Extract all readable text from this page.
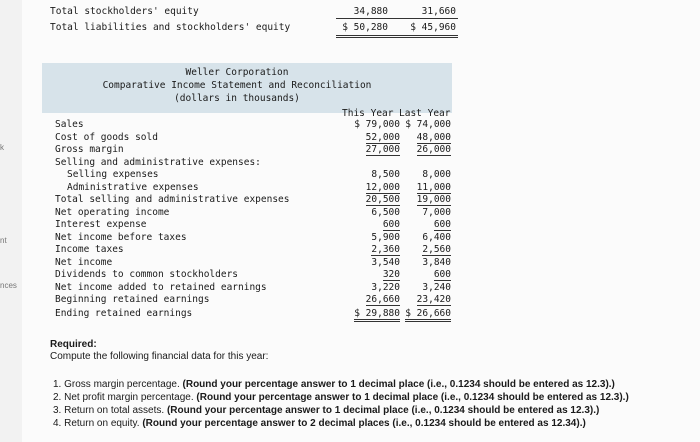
k
nt
nces
Total stockholders' equity	34,880	31,660
Total liabilities and stockholders' equity	$ 50,280 $ 45,960
Weller Corporation
Comparative Income Statement and Reconciliation
(dollars in thousands)
This Year Last Year
Sales	$ 79,000 $ 74,000
Cost of goods sold	52,000 48,000
Gross margin	27,000 26,000
Selling and administrative expenses:
Selling expenses	8,500 8,000
Administrative expenses	12,000 11,000
Total selling and administrative expenses	20,500 19,000
Net operating income	6,500 7,000
Interest expense	600	600
Net income before taxes	5,900 6,400
Income taxes	2,360 2,560
Net income	3,540 3,840
Dividends to common stockholders	320	600
Net income added to retained earnings	3,220 3,240
Beginning retained earnings	26,660 23,420
Ending retained earnings	$ 29,880 $ 26,660
Required:
Compute the following financial data for this year:
1. Gross margin percentage. (Round your percentage answer to 1 decimal place (i.e., 0.1234 should be entered as 12.3).)
2. Net profit margin percentage. (Round your percentage answer to 1 decimal place (i.e., 0.1234 should be entered as 12.3).)
3. Return on total assets. (Round your percentage answer to 1 decimal place (i.e., 0.1234 should be entered as 12.3).)
4. Return on equity. (Round your percentage answer to 2 decimal places (i.e., 0.1234 should be entered as 12.34).)
